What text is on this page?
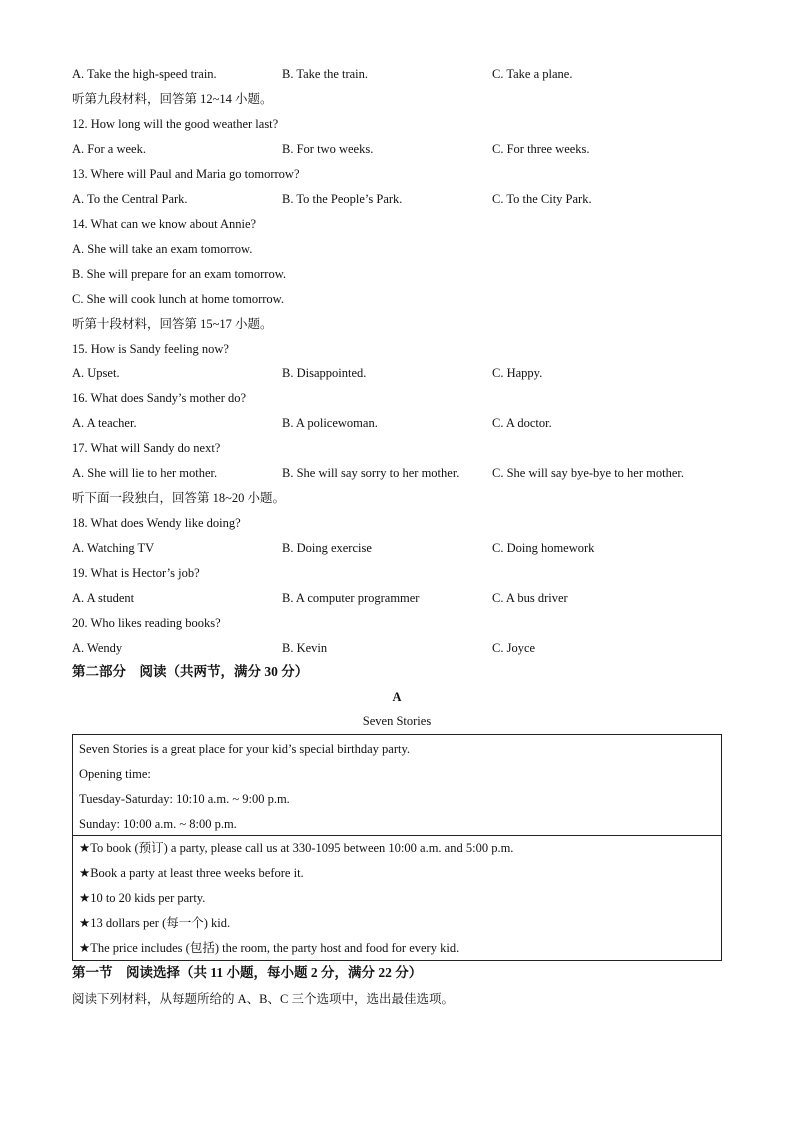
A. Take the high-speed train.	B. Take the train.	C. Take a plane.
听第九段材料，回答第 12~14 小题。
12. How long will the good weather last?
A. For a week.	B. For two weeks.	C. For three weeks.
13. Where will Paul and Maria go tomorrow?
A. To the Central Park.	B. To the People’s Park.	C. To the City Park.
14. What can we know about Annie?
A. She will take an exam tomorrow.
B. She will prepare for an exam tomorrow.
C. She will cook lunch at home tomorrow.
听第十段材料，回答第 15~17 小题。
15. How is Sandy feeling now?
A. Upset.	B. Disappointed.	C. Happy.
16. What does Sandy’s mother do?
A. A teacher.	B. A policewoman.	C. A doctor.
17. What will Sandy do next?
A. She will lie to her mother.	B. She will say sorry to her mother.	C. She will say bye-bye to her mother.
听下面一段独白，回答第 18~20 小题。
18. What does Wendy like doing?
A. Watching TV	B. Doing exercise	C. Doing homework
19. What is Hector’s job?
A. A student	B. A computer programmer	C. A bus driver
20. Who likes reading books?
A. Wendy	B. Kevin	C. Joyce
第二部分　阅读（共两节，满分 30 分）
A
Seven Stories
Seven Stories is a great place for your kid’s special birthday party.
Opening time:
Tuesday-Saturday: 10:10 a.m. ~ 9:00 p.m.
Sunday: 10:00 a.m. ~ 8:00 p.m.
★To book (预订) a party, please call us at 330-1095 between 10:00 a.m. and 5:00 p.m.
★Book a party at least three weeks before it.
★10 to 20 kids per party.
★13 dollars per (每一个) kid.
★The price includes (包括) the room, the party host and food for every kid.
第一节　阅读选择（共 11 小题，每小题 2 分，满分 22 分）
阅读下列材料，从每题所给的 A、B、C 三个选项中，选出最佳选项。
